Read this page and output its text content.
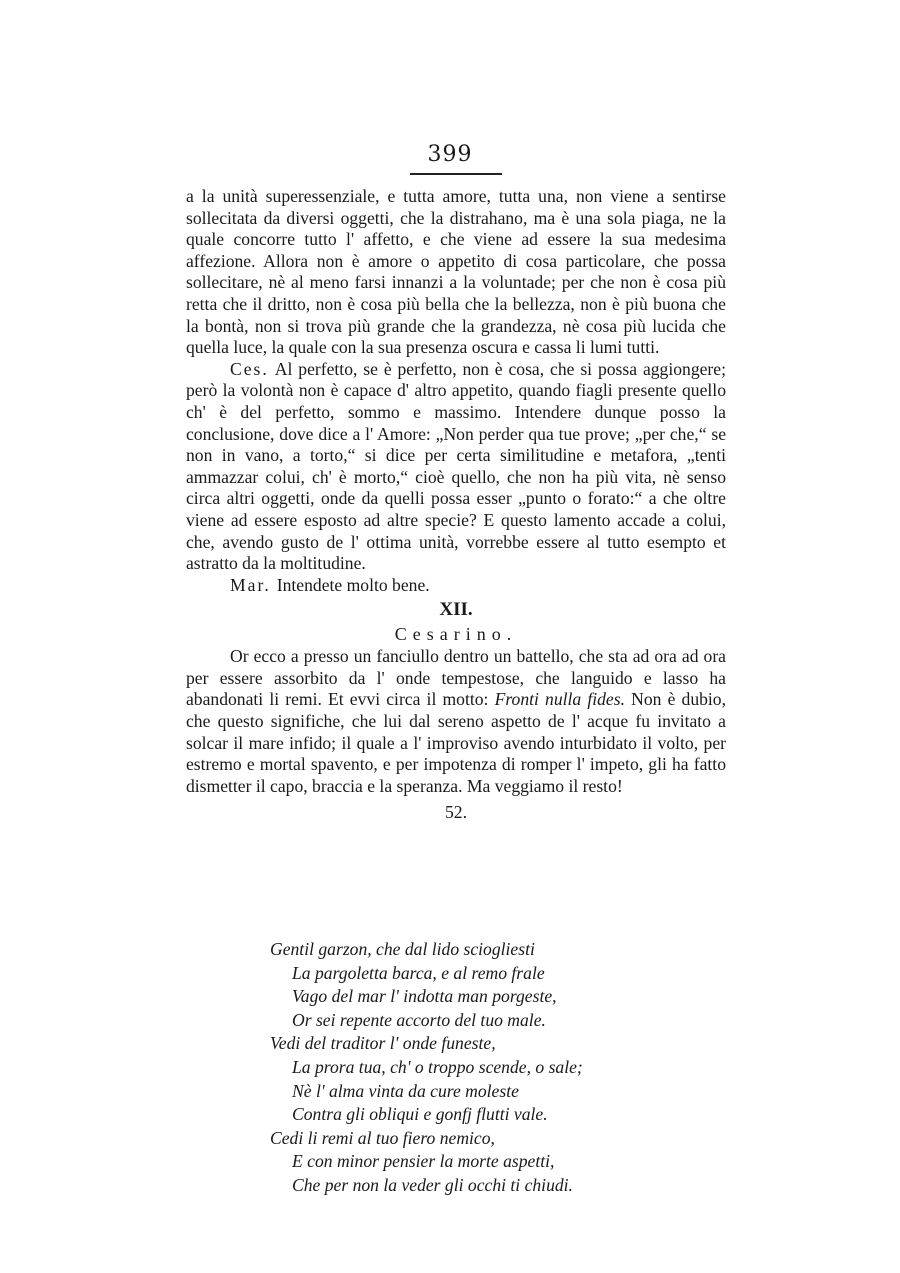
399

a la unità superessenziale, e tutta amore, tutta una, non viene a sentirse sollecitata da diversi oggetti, che la distrahano, ma è una sola piaga, ne la quale concorre tutto l' affetto, e che viene ad essere la sua medesima affezione. Allora non è amore o appetito di cosa particolare, che possa sollecitare, nè al meno farsi innanzi a la voluntade; per che non è cosa più retta che il dritto, non è cosa più bella che la bellezza, non è più buona che la bontà, non si trova più grande che la grandezza, nè cosa più lucida che quella luce, la quale con la sua presenza oscura e cassa li lumi tutti.

Ces. Al perfetto, se è perfetto, non è cosa, che si possa aggiongere; però la volontà non è capace d' altro appetito, quando fiagli presente quello ch' è del perfetto, sommo e massimo. Intendere dunque posso la conclusione, dove dice a l' Amore: „Non perder qua tue prove; „per che,“ se non in vano, a torto,“ si dice per certa similitudine e metafora, „tenti ammazzar colui, ch' è morto,“ cioè quello, che non ha più vita, nè senso circa altri oggetti, onde da quelli possa esser „punto o forato:“ a che oltre viene ad essere esposto ad altre specie? E questo lamento accade a colui, che, avendo gusto de l' ottima unità, vorrebbe essere al tutto esempto et astratto da la moltitudine.

Mar. Intendete molto bene.

XII.

Cesarino.

Or ecco a presso un fanciullo dentro un battello, che sta ad ora ad ora per essere assorbito da l' onde tempestose, che languido e lasso ha abandonati li remi. Et evvi circa il motto: Fronti nulla fides. Non è dubio, che questo significhe, che lui dal sereno aspetto de l' acque fu invitato a solcar il mare infido; il quale a l' improviso avendo inturbidato il volto, per estremo e mortal spavento, e per impotenza di romper l' impeto, gli ha fatto dismetter il capo, braccia e la speranza. Ma veggiamo il resto!

52.

Gentil garzon, che dal lido sciogliesti
La pargoletta barca, e al remo frale
Vago del mar l' indotta man porgeste,
Or sei repente accorto del tuo male.
Vedi del traditor l' onde funeste,
La prora tua, ch' o troppo scende, o sale;
Nè l' alma vinta da cure moleste
Contra gli obliqui e gonfj flutti vale.
Cedi li remi al tuo fiero nemico,
E con minor pensier la morte aspetti,
Che per non la veder gli occhi ti chiudi.
